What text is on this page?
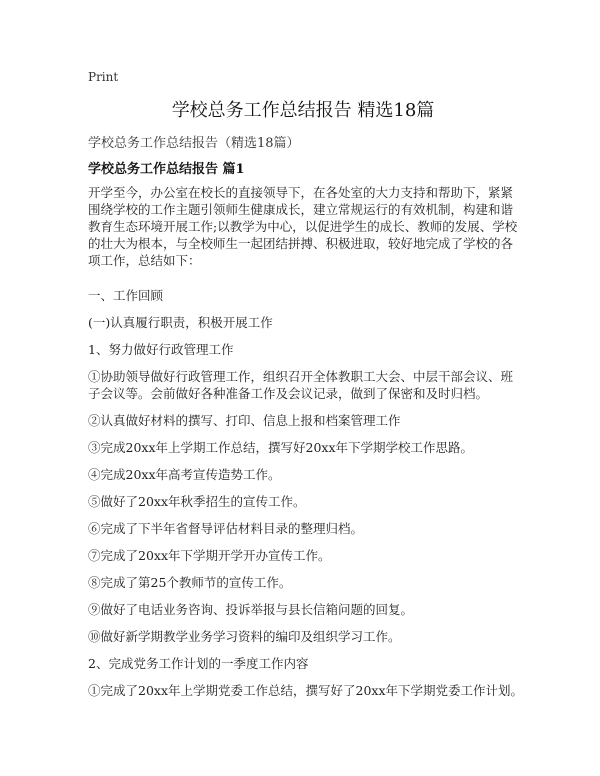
Print
学校总务工作总结报告 精选18篇
学校总务工作总结报告（精选18篇）
学校总务工作总结报告 篇1

开学至今，办公室在校长的直接领导下，在各处室的大力支持和帮助下，紧紧围绕学校的工作主题引领师生健康成长，建立常规运行的有效机制，构建和谐教育生态环境开展工作;以教学为中心，以促进学生的成长、教师的发展、学校的壮大为根本，与全校师生一起团结拼搏、积极进取，较好地完成了学校的各项工作，总结如下：

一、工作回顾

(一)认真履行职责，积极开展工作

1、努力做好行政管理工作

①协助领导做好行政管理工作，组织召开全体教职工大会、中层干部会议、班子会议等。会前做好各种准备工作及会议记录，做到了保密和及时归档。

②认真做好材料的撰写、打印、信息上报和档案管理工作

③完成20xx年上学期工作总结，撰写好20xx年下学期学校工作思路。

④完成20xx年高考宣传造势工作。

⑤做好了20xx年秋季招生的宣传工作。

⑥完成了下半年省督导评估材料目录的整理归档。

⑦完成了20xx年下学期开学开办宣传工作。

⑧完成了第25个教师节的宣传工作。

⑨做好了电话业务咨询、投诉举报与县长信箱问题的回复。

⑩做好新学期教学业务学习资料的编印及组织学习工作。

2、完成党务工作计划的一季度工作内容

①完成了20xx年上学期党委工作总结，撰写好了20xx年下学期党委工作计划。
